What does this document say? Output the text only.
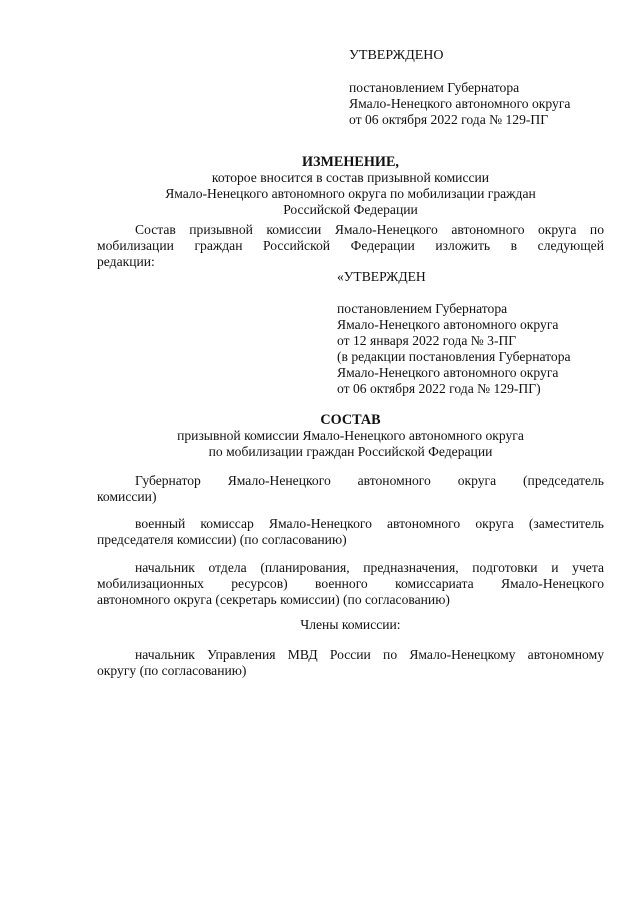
УТВЕРЖДЕНО
постановлением Губернатора
Ямало-Ненецкого автономного округа
от 06 октября 2022 года № 129-ПГ
ИЗМЕНЕНИЕ,
которое вносится в состав призывной комиссии
Ямало-Ненецкого автономного округа по мобилизации граждан
Российской Федерации
Состав призывной комиссии Ямало-Ненецкого автономного округа по
мобилизации граждан Российской Федерации изложить в следующей
редакции:
«УТВЕРЖДЕН
постановлением Губернатора
Ямало-Ненецкого автономного округа
от 12 января 2022 года № 3-ПГ
(в редакции постановления Губернатора
Ямало-Ненецкого автономного округа
от 06 октября 2022 года № 129-ПГ)
СОСТАВ
призывной комиссии Ямало-Ненецкого автономного округа
по мобилизации граждан Российской Федерации
Губернатор Ямало-Ненецкого автономного округа (председатель
комиссии)
военный комиссар Ямало-Ненецкого автономного округа (заместитель
председателя комиссии) (по согласованию)
начальник отдела (планирования, предназначения, подготовки и учета
мобилизационных ресурсов) военного комиссариата Ямало-Ненецкого
автономного округа (секретарь комиссии) (по согласованию)
Члены комиссии:
начальник Управления МВД России по Ямало-Ненецкому автономному
округу (по согласованию)
